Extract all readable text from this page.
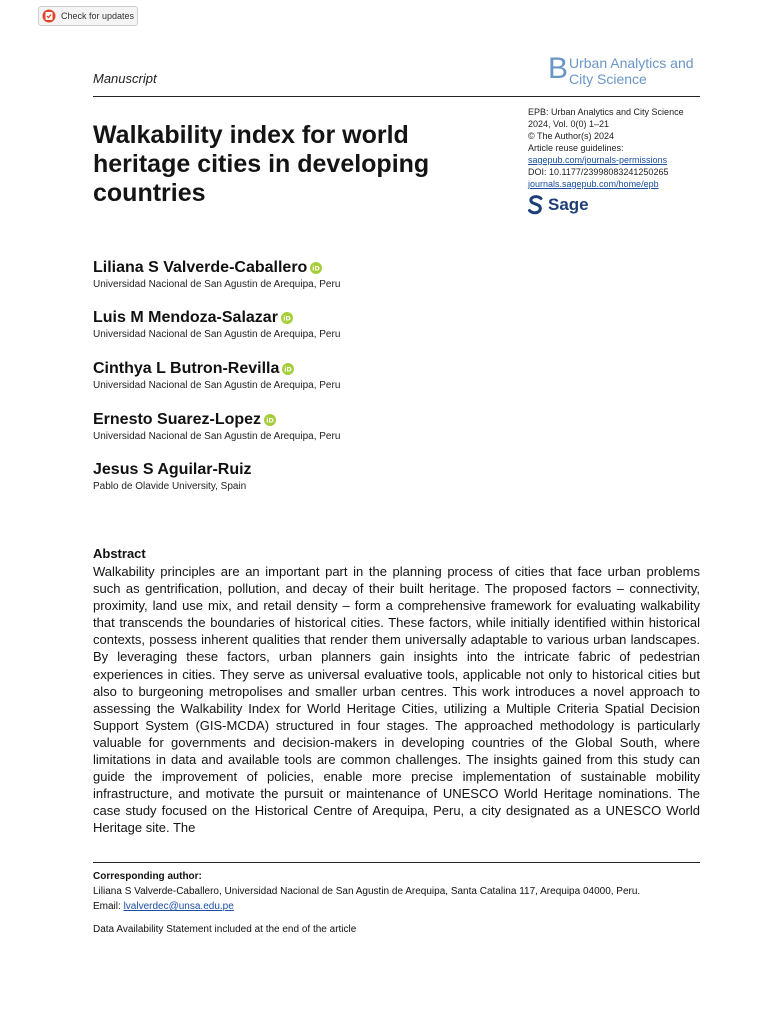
Check for updates
Manuscript	B Urban Analytics and
City Science
EPB: Urban Analytics and City Science
2024, Vol. 0(0) 1–21
© The Author(s) 2024
Article reuse guidelines:
sagepub.com/journals-permissions
DOI: 10.1177/23998083241250265
journals.sagepub.com/home/epb
Sage
Walkability index for world heritage cities in developing countries
Liliana S Valverde-Caballero iD
Universidad Nacional de San Agustin de Arequipa, Peru
Luis M Mendoza-Salazar iD
Universidad Nacional de San Agustin de Arequipa, Peru
Cinthya L Butron-Revilla iD
Universidad Nacional de San Agustin de Arequipa, Peru
Ernesto Suarez-Lopez iD
Universidad Nacional de San Agustin de Arequipa, Peru
Jesus S Aguilar-Ruiz
Pablo de Olavide University, Spain
Abstract
Walkability principles are an important part in the planning process of cities that face urban problems such as gentrification, pollution, and decay of their built heritage. The proposed factors – connectivity, proximity, land use mix, and retail density – form a comprehensive framework for evaluating walkability that transcends the boundaries of historical cities. These factors, while initially identified within historical contexts, possess inherent qualities that render them universally adaptable to various urban landscapes. By leveraging these factors, urban planners gain insights into the intricate fabric of pedestrian experiences in cities. They serve as universal evaluative tools, applicable not only to historical cities but also to burgeoning metropolises and smaller urban centres. This work introduces a novel approach to assessing the Walkability Index for World Heritage Cities, utilizing a Multiple Criteria Spatial Decision Support System (GIS-MCDA) structured in four stages. The approached methodology is particularly valuable for governments and decision-makers in developing countries of the Global South, where limitations in data and available tools are common challenges. The insights gained from this study can guide the improvement of policies, enable more precise implementation of sustainable mobility infrastructure, and motivate the pursuit or maintenance of UNESCO World Heritage nominations. The case study focused on the Historical Centre of Arequipa, Peru, a city designated as a UNESCO World Heritage site. The
Corresponding author:
Liliana S Valverde-Caballero, Universidad Nacional de San Agustin de Arequipa, Santa Catalina 117, Arequipa 04000, Peru.
Email: lvalverdec@unsa.edu.pe
Data Availability Statement included at the end of the article
